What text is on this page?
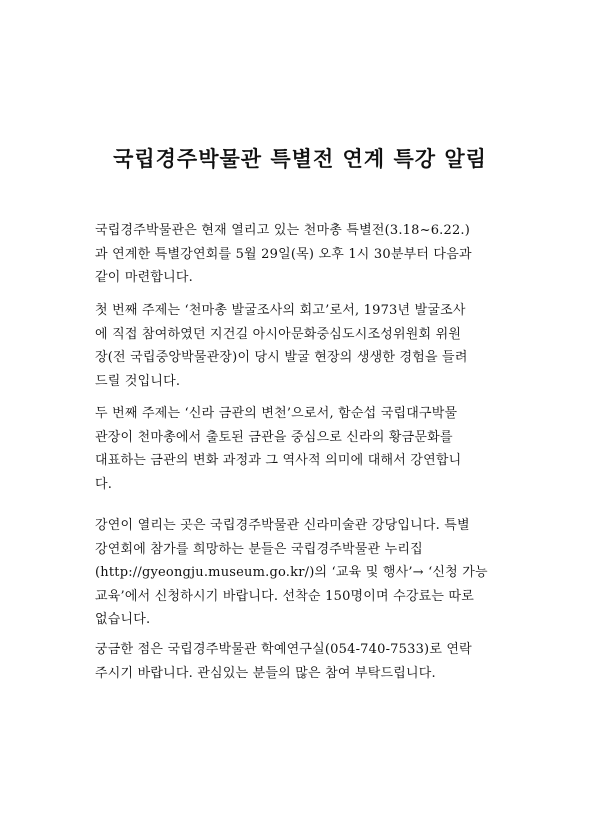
국립경주박물관 특별전 연계 특강 알림

국립경주박물관은 현재 열리고 있는 천마총 특별전(3.18~6.22.)
과 연계한 특별강연회를 5월 29일(목) 오후 1시 30분부터 다음과
같이 마련합니다.

첫 번째 주제는 ‘천마총 발굴조사의 회고’로서, 1973년 발굴조사
에 직접 참여하였던 지건길 아시아문화중심도시조성위원회 위원
장(전 국립중앙박물관장)이 당시 발굴 현장의 생생한 경험을 들려
드릴 것입니다.

두 번째 주제는 ‘신라 금관의 변천’으로서, 함순섭 국립대구박물
관장이 천마총에서 출토된 금관을 중심으로 신라의 황금문화를
대표하는 금관의 변화 과정과 그 역사적 의미에 대해서 강연합니
다.

강연이 열리는 곳은 국립경주박물관 신라미술관 강당입니다. 특별
강연회에 참가를 희망하는 분들은 국립경주박물관 누리집
(http://gyeongju.museum.go.kr/)의 ‘교육 및 행사’→ ‘신청 가능
교육’에서 신청하시기 바랍니다. 선착순 150명이며 수강료는 따로
없습니다.

궁금한 점은 국립경주박물관 학예연구실(054-740-7533)로 연락
주시기 바랍니다. 관심있는 분들의 많은 참여 부탁드립니다.
